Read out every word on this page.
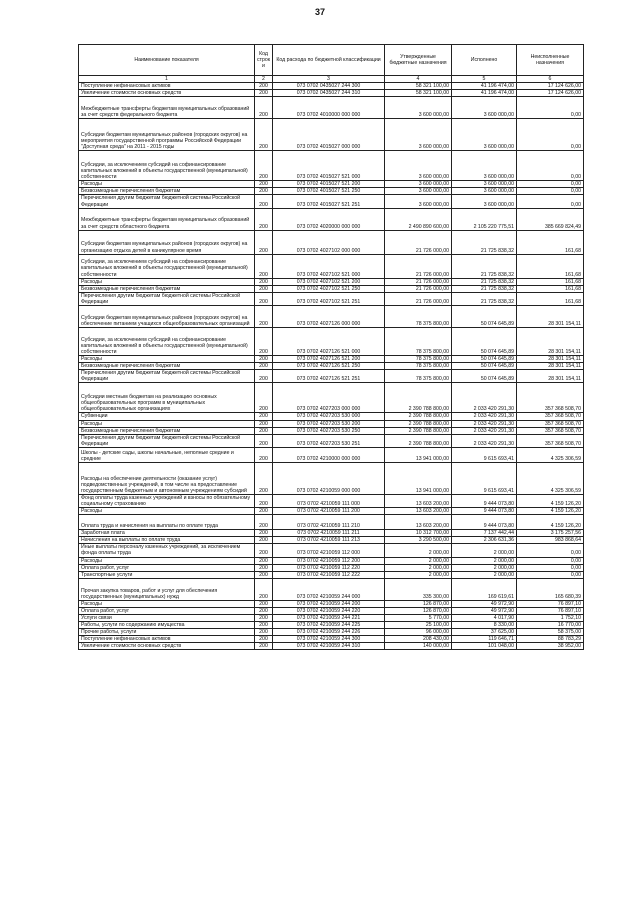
37
Наименование показателя	Код строк и	Код расхода по бюджетной классификации	Утвержденные бюджетные назначения	Исполнено	Неисполненные назначения
1	2	3	4	5	6
Поступление нефинансовых активов	200	073 0702 0435027 244 300	58 321 100,00	41 196 474,00	17 124 626,00
Увеличение стоимости основных средств	200	073 0702 0435027 244 310	58 321 100,00	41 196 474,00	17 124 626,00
Межбюджетные трансферты бюджетам муниципальных образований за счет средств федерального бюджета	200	073 0702 4010000 000 000	3 600 000,00	3 600 000,00	0,00
Субсидии бюджетам муниципальных районов (городских округов) на мероприятия государственной программы Российской Федерации "Доступная среда" на 2011 - 2015 годы	200	073 0702 4015027 000 000	3 600 000,00	3 600 000,00	0,00
Субсидии, за исключением субсидий на софинансирование капитальных вложений в объекты государственной (муниципальной) собственности	200	073 0702 4015027 521 000	3 600 000,00	3 600 000,00	0,00
Расходы	200	073 0702 4015027 521 200	3 600 000,00	3 600 000,00	0,00
Безвозмездные перечисления бюджетам	200	073 0702 4015027 521 250	3 600 000,00	3 600 000,00	0,00
Перечисления другим бюджетам бюджетной системы Российской Федерации	200	073 0702 4015027 521 251	3 600 000,00	3 600 000,00	0,00
Межбюджетные трансферты бюджетам муниципальных образований за счет средств областного бюджета	200	073 0702 4020000 000 000	2 490 890 600,00	2 105 220 775,51	385 669 824,49
Субсидии бюджетам муниципальных районов (городских округов) на организацию отдыха детей в каникулярное время	200	073 0702 4027102 000 000	21 726 000,00	21 725 838,32	161,68
Субсидии, за исключением субсидий на софинансирование капитальных вложений в объекты государственной (муниципальной) собственности	200	073 0702 4027102 521 000	21 726 000,00	21 725 838,32	161,68
Расходы	200	073 0702 4027102 521 200	21 726 000,00	21 725 838,32	161,68
Безвозмездные перечисления бюджетам	200	073 0702 4027102 521 250	21 726 000,00	21 725 838,32	161,68
Перечисления другим бюджетам бюджетной системы Российской Федерации	200	073 0702 4027102 521 251	21 726 000,00	21 725 838,32	161,68
Субсидии бюджетам муниципальных районов (городских округов) на обеспечение питанием учащихся общеобразовательных организаций	200	073 0702 4027126 000 000	78 375 800,00	50 074 645,89	28 301 154,11
Субсидии, за исключением субсидий на софинансирование капитальных вложений в объекты государственной (муниципальной) собственности	200	073 0702 4027126 521 000	78 375 800,00	50 074 645,89	28 301 154,11
Расходы	200	073 0702 4027126 521 200	78 375 800,00	50 074 645,89	28 301 154,11
Безвозмездные перечисления бюджетам	200	073 0702 4027126 521 250	78 375 800,00	50 074 645,89	28 301 154,11
Перечисления другим бюджетам бюджетной системы Российской Федерации	200	073 0702 4027126 521 251	78 375 800,00	50 074 645,89	28 301 154,11
Субсидии местным бюджетам на реализацию основных общеобразовательных программ в муниципальных общеобразовательных организациях	200	073 0702 4027203 000 000	2 390 788 800,00	2 033 420 291,30	357 368 508,70
Субвенции	200	073 0702 4027203 530 000	2 390 788 800,00	2 033 420 291,30	357 368 508,70
Расходы	200	073 0702 4027203 530 200	2 390 788 800,00	2 033 420 291,30	357 368 508,70
Безвозмездные перечисления бюджетам	200	073 0702 4027203 530 250	2 390 788 800,00	2 033 420 291,30	357 368 508,70
Перечисления другим бюджетам бюджетной системы Российской Федерации	200	073 0702 4027203 530 251	2 390 788 800,00	2 033 420 291,30	357 368 508,70
Школы - детские сады, школы начальные, неполные средние и средние	200	073 0702 4210000 000 000	13 941 000,00	9 615 693,41	4 325 306,59
Расходы на обеспечение деятельности (оказание услуг) подведомственных учреждений, в том числе на предоставление государственным бюджетным и автономным учреждениям субсидий	200	073 0702 4210059 000 000	13 941 000,00	9 615 693,41	4 325 306,59
Фонд оплаты труда казенных учреждений и взносы по обязательному социальному страхованию	200	073 0702 4210059 111 000	13 603 200,00	9 444 073,80	4 159 126,20
Расходы	200	073 0702 4210059 111 200	13 603 200,00	9 444 073,80	4 159 126,20
Оплата труда и начисления на выплаты по оплате труда	200	073 0702 4210059 111 210	13 603 200,00	9 444 073,80	4 159 126,20
Заработная плата	200	073 0702 4210059 111 211	10 312 700,00	7 137 442,44	3 175 257,56
Начисления на выплаты по оплате труда	200	073 0702 4210059 111 213	3 290 500,00	2 306 631,36	983 868,64
Иные выплаты персоналу казенных учреждений, за исключением фонда оплаты труда	200	073 0702 4210059 112 000	2 000,00	2 000,00	0,00
Расходы	200	073 0702 4210059 112 200	2 000,00	2 000,00	0,00
Оплата работ, услуг	200	073 0702 4210059 112 220	2 000,00	2 000,00	0,00
Транспортные услуги	200	073 0702 4210059 112 222	2 000,00	2 000,00	0,00
Прочая закупка товаров, работ и услуг для обеспечения государственных (муниципальных) нужд	200	073 0702 4210059 244 000	335 300,00	169 619,61	165 680,39
Расходы	200	073 0702 4210059 244 200	126 870,00	49 972,90	76 897,10
Оплата работ, услуг	200	073 0702 4210059 244 220	126 870,00	49 972,90	76 897,10
Услуги связи	200	073 0702 4210059 244 221	5 770,00	4 017,90	1 752,10
Работы, услуги по содержанию имущества	200	073 0702 4210059 244 225	25 100,00	8 330,00	16 770,00
Прочие работы, услуги	200	073 0702 4210059 244 226	96 000,00	37 625,00	58 375,00
Поступление нефинансовых активов	200	073 0702 4210059 244 300	208 430,00	119 646,71	88 783,29
Увеличение стоимости основных средств	200	073 0702 4210059 244 310	140 000,00	101 048,00	38 952,00
